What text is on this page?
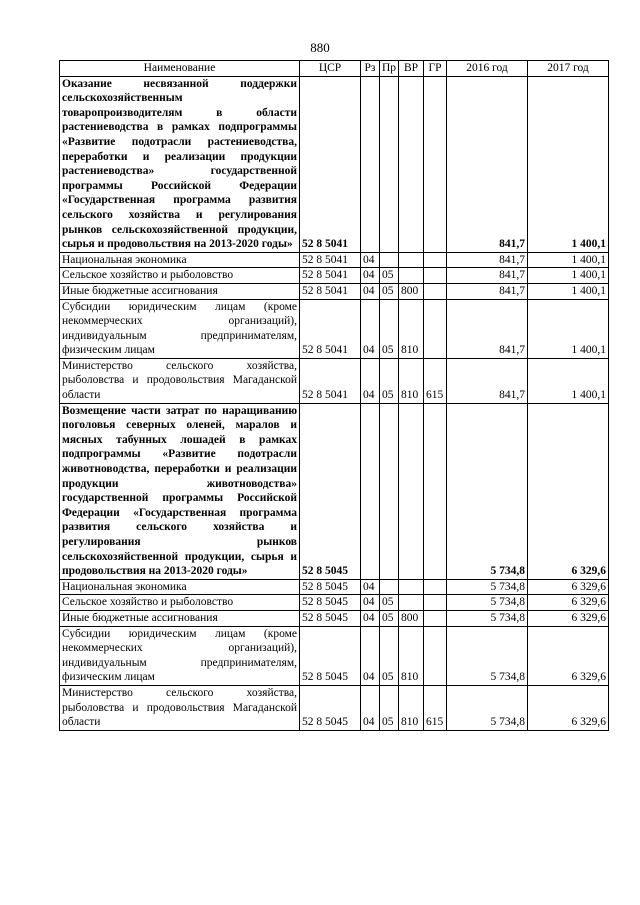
880
Наименование	ЦСР	Рз	Пр	ВР	ГР	2016 год	2017 год
Оказание несвязанной поддержки сельскохозяйственным товаропроизводителям в области растениеводства в рамках подпрограммы «Развитие подотрасли растениеводства, переработки и реализации продукции растениеводства» государственной программы Российской Федерации «Государственная программа развития сельского хозяйства и регулирования рынков сельскохозяйственной продукции, сырья и продовольствия на 2013-2020 годы»	52 8 5041					841,7	1 400,1
Национальная экономика	52 8 5041	04				841,7	1 400,1
Сельское хозяйство и рыболовство	52 8 5041	04	05			841,7	1 400,1
Иные бюджетные ассигнования	52 8 5041	04	05	800		841,7	1 400,1
Субсидии юридическим лицам (кроме некоммерческих организаций), индивидуальным предпринимателям, физическим лицам	52 8 5041	04	05	810		841,7	1 400,1
Министерство сельского хозяйства, рыболовства и продовольствия Магаданской области	52 8 5041	04	05	810	615	841,7	1 400,1
Возмещение части затрат по наращиванию поголовья северных оленей, маралов и мясных табунных лошадей в рамках подпрограммы «Развитие подотрасли животноводства, переработки и реализации продукции животноводства» государственной программы Российской Федерации «Государственная программа развития сельского хозяйства и регулирования рынков сельскохозяйственной продукции, сырья и продовольствия на 2013-2020 годы»	52 8 5045					5 734,8	6 329,6
Национальная экономика	52 8 5045	04				5 734,8	6 329,6
Сельское хозяйство и рыболовство	52 8 5045	04	05			5 734,8	6 329,6
Иные бюджетные ассигнования	52 8 5045	04	05	800		5 734,8	6 329,6
Субсидии юридическим лицам (кроме некоммерческих организаций), индивидуальным предпринимателям, физическим лицам	52 8 5045	04	05	810		5 734,8	6 329,6
Министерство сельского хозяйства, рыболовства и продовольствия Магаданской области	52 8 5045	04	05	810	615	5 734,8	6 329,6
